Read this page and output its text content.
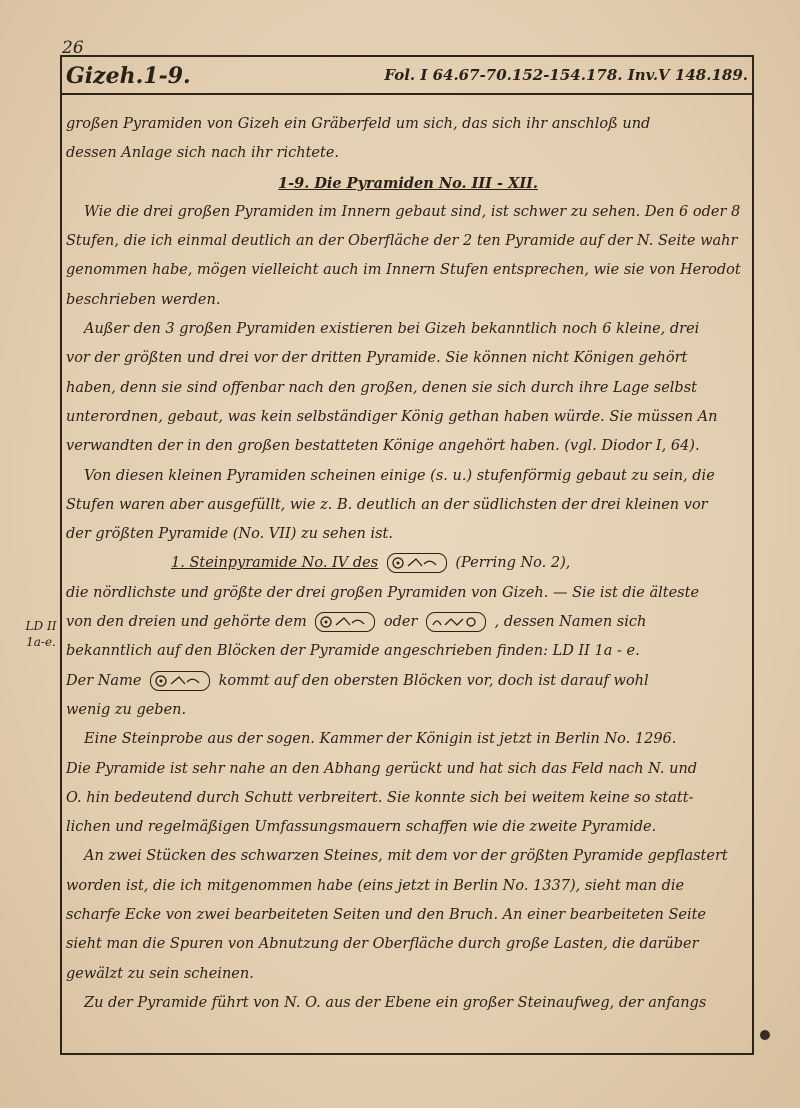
26
Gizeh.1-9.	Fol. I 64.67-70.152-154.178. Inv.V 148.189.
LD II 1a-e.
großen Pyramiden von Gizeh ein Gräberfeld um sich, das sich ihr anschloß und
dessen Anlage sich nach ihr richtete.
1-9. Die Pyramiden No. III - XII.
Wie die drei großen Pyramiden im Innern gebaut sind, ist schwer zu sehen. Den 6 oder 8
Stufen, die ich einmal deutlich an der Oberfläche der 2 ten Pyramide auf der N. Seite wahr
genommen habe, mögen vielleicht auch im Innern Stufen entsprechen, wie sie von Herodot
beschrieben werden.
Außer den 3 großen Pyramiden existieren bei Gizeh bekanntlich noch 6 kleine, drei
vor der größten und drei vor der dritten Pyramide. Sie können nicht Königen gehört
haben, denn sie sind offenbar nach den großen, denen sie sich durch ihre Lage selbst
unterordnen, gebaut, was kein selbständiger König gethan haben würde. Sie müssen An
verwandten der in den großen bestatteten Könige angehört haben. (vgl. Diodor I, 64).
Von diesen kleinen Pyramiden scheinen einige (s. u.) stufenförmig gebaut zu sein, die
Stufen waren aber ausgefüllt, wie z. B. deutlich an der südlichsten der drei kleinen vor
der größten Pyramide (No. VII) zu sehen ist.
1. Steinpyramide No. IV des	(Perring No. 2),
die nördlichste und größte der drei großen Pyramiden von Gizeh. — Sie ist die älteste
von den dreien und gehörte dem	oder	, dessen Namen sich
bekanntlich auf den Blöcken der Pyramide angeschrieben finden: LD II 1a - e.
Der Name	kommt auf den obersten Blöcken vor, doch ist darauf wohl
wenig zu geben.
Eine Steinprobe aus der sogen. Kammer der Königin ist jetzt in Berlin No. 1296.
Die Pyramide ist sehr nahe an den Abhang gerückt und hat sich das Feld nach N. und
O. hin bedeutend durch Schutt verbreitert. Sie konnte sich bei weitem keine so statt-
lichen und regelmäßigen Umfassungsmauern schaffen wie die zweite Pyramide.
An zwei Stücken des schwarzen Steines, mit dem vor der größten Pyramide gepflastert
worden ist, die ich mitgenommen habe (eins jetzt in Berlin No. 1337), sieht man die
scharfe Ecke von zwei bearbeiteten Seiten und den Bruch. An einer bearbeiteten Seite
sieht man die Spuren von Abnutzung der Oberfläche durch große Lasten, die darüber
gewälzt zu sein scheinen.
Zu der Pyramide führt von N. O. aus der Ebene ein großer Steinaufweg, der anfangs
